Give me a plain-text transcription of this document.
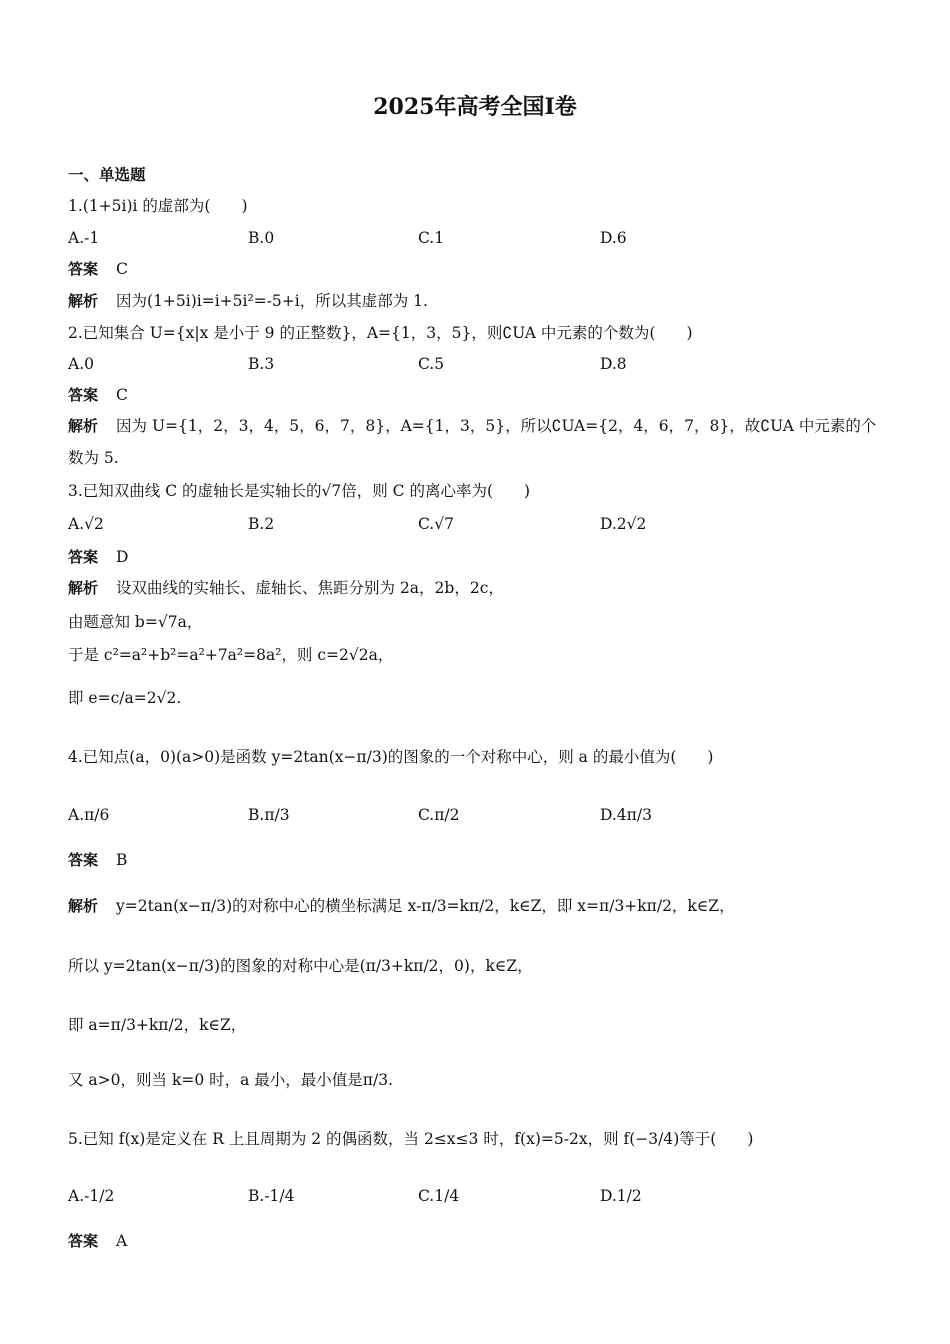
2025年高考全国Ⅰ卷
一、单选题
1.(1+5i)i 的虚部为(　　)
A.-1	B.0	C.1	D.6
答案 C
解析 因为(1+5i)i=i+5i²=-5+i，所以其虚部为 1.
2.已知集合 U={x|x 是小于 9 的正整数}，A={1，3，5}，则∁UA 中元素的个数为(　　)
A.0	B.3	C.5	D.8
答案 C
解析 因为 U={1，2，3，4，5，6，7，8}，A={1，3，5}，所以∁UA={2，4，6，7，8}，故∁UA 中元素的个数为 5.
3.已知双曲线 C 的虚轴长是实轴长的√7倍，则 C 的离心率为(　　)
A.√2	B.2	C.√7	D.2√2
答案 D
解析 设双曲线的实轴长、虚轴长、焦距分别为 2a，2b，2c，
由题意知 b=√7a，
于是 c²=a²+b²=a²+7a²=8a²，则 c=2√2a，
即 e=c/a=2√2.
4.已知点(a，0)(a>0)是函数 y=2tan(x−π/3)的图象的一个对称中心，则 a 的最小值为(　　)
A.π/6	B.π/3	C.π/2	D.4π/3
答案 B
解析 y=2tan(x−π/3)的对称中心的横坐标满足 x-π/3=kπ/2，k∈Z，即 x=π/3+kπ/2，k∈Z，
所以 y=2tan(x−π/3)的图象的对称中心是(π/3+kπ/2，0)，k∈Z，
即 a=π/3+kπ/2，k∈Z，
又 a>0，则当 k=0 时，a 最小，最小值是π/3.
5.已知 f(x)是定义在 R 上且周期为 2 的偶函数，当 2≤x≤3 时，f(x)=5-2x，则 f(−3/4)等于(　　)
A.-1/2	B.-1/4	C.1/4	D.1/2
答案 A
